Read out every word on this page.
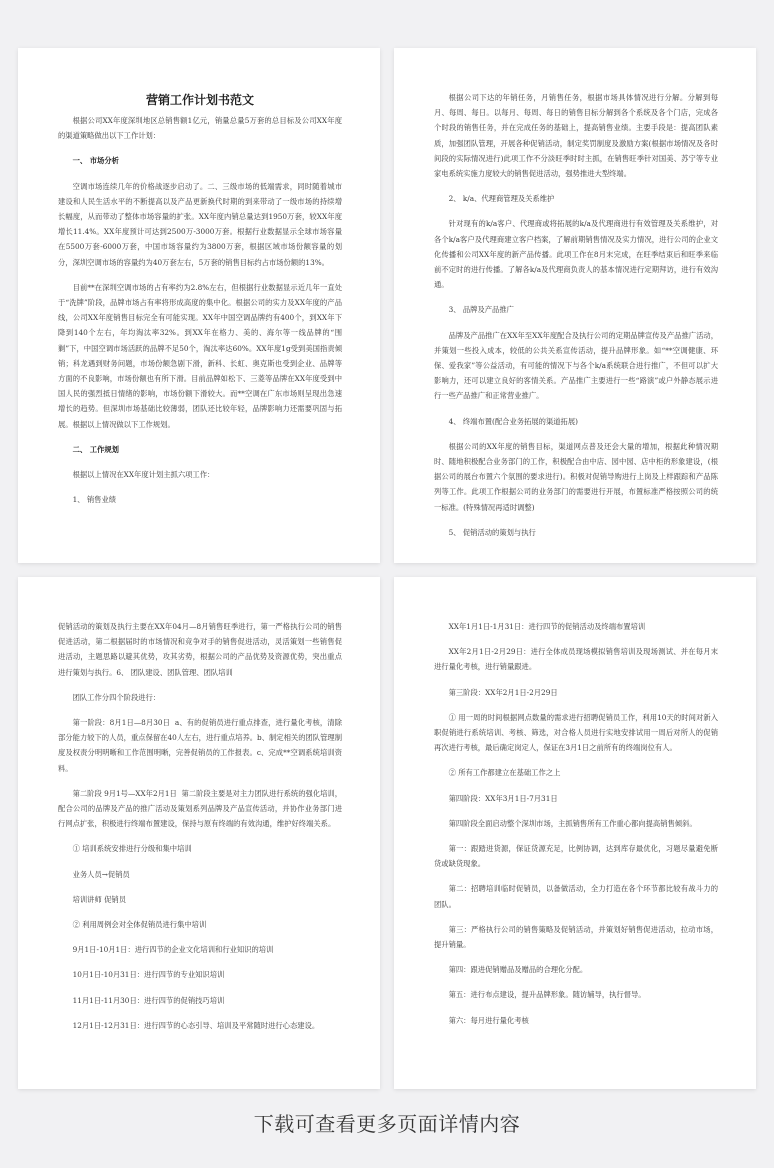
营销工作计划书范文

根据公司XX年度深圳地区总销售额1亿元，销量总量5万套的总目标及公司XX年度的渠道策略做出以下工作计划：

一、 市场分析

空调市场连续几年的价格战逐步启动了。二、三级市场的低端需求，同时随着城市建设和人民生活水平的不断提高以及产品更新换代时期的到来带动了一级市场的持续增长幅度，从而带动了整体市场容量的扩张。XX年度内销总量达到1950万套，较XX年度增长11.4%。XX年度预计可达到2500万-3000万套。根据行业数据显示全球市场容量在5500万套-6000万套，中国市场容量约为3800万套，根据区域市场份额容量的划分，深圳空调市场的容量约为40万套左右，5万套的销售目标约占市场份额的13%。

目前**在深圳空调市场的占有率约为2.8%左右，但根据行业数据显示近几年一直处于“洗牌”阶段，品牌市场占有率将形成高度的集中化。根据公司的实力及XX年度的产品线，公司XX年度销售目标完全有可能实现。XX年中国空调品牌约有400个，到XX年下降到140个左右，年均淘汰率32%。到XX年在格力、美的、海尔等一线品牌的“围剿”下，中国空调市场活跃的品牌不足50个，淘汰率达60%。XX年度1g受到美国指责倾销；科龙遇到财务问题，市场份额急剧下滑，新科、长虹、奥克斯也受到企业、品牌等方面的不良影响，市场份额也有所下滑。目前品牌如松下、三菱等品牌在XX年度受到中国人民的强烈抵日情绪的影响，市场份额下滑较大。而**空调在广东市场则呈现出急速增长的趋势。但深圳市场基础比较薄弱，团队还比较年轻，品牌影响力还需要巩固与拓展。根据以上情况做以下工作规划。

二、 工作规划

根据以上情况在XX年度计划主抓六项工作：

1、 销售业绩

根据公司下达的年销任务，月销售任务，根据市场具体情况进行分解。分解到每月、每周、每日。以每月、每周、每日的销售目标分解到各个系统及各个门店，完成各个时段的销售任务，并在完成任务的基础上，提高销售业绩。主要手段是：提高团队素质，加强团队管理，开展各种促销活动，制定奖罚制度及激励方案(根据市场情况及各时间段的实际情况进行)此项工作不分淡旺季时时主抓，在销售旺季针对国美、苏宁等专业家电系统实施力度较大的销售促进活动，强势推进大型终端。

2、 k/a、代理商管理及关系维护

针对现有的k/a客户、代理商或将拓展的k/a及代理商进行有效管理及关系维护，对各个k/a客户及代理商建立客户档案，了解前期销售情况及实力情况，进行公司的企业文化传播和公司XX年度的新产品传播。此项工作在8月末完成，在旺季结束后和旺季来临前不定时的进行传播。了解各k/a及代理商负责人的基本情况进行定期拜访，进行有效沟通。

3、 品牌及产品推广

品牌及产品推广在XX年至XX年度配合及执行公司的定期品牌宣传及产品推广活动，并策划一些投入成本，较低的公共关系宣传活动，提升品牌形象。如“**空调健康、环保、爱我家”等公益活动，有可能的情况下与各个k/a系统联合进行推广，不但可以扩大影响力，还可以建立良好的客情关系。产品推广主要进行一些“路演”或户外静态展示进行一些产品推广和正常营业推广。

4、 终端布置(配合业务拓展的渠道拓展)

根据公司的XX年度的销售目标，渠道网点普及还会大量的增加，根据此种情况期时、随地积极配合业务部门的工作，积极配合由中店、园中园、店中柜的形象建设，(根据公司的展台布置六个氛围的要求进行)。积极对促销导购进行上岗及上样跟踪和产品陈列等工作。此项工作根据公司的业务部门的需要进行开展，布置标准严格按照公司的统一标准。(特殊情况再适时调整)

5、 促销活动的策划与执行

促销活动的策划及执行主要在XX年04月—8月销售旺季进行，第一严格执行公司的销售促进活动，第二根据届时的市场情况和竞争对手的销售促进活动，灵活策划一些销售促进活动，主题思路以避其优势，攻其劣势，根据公司的产品优势及资源优势，突出重点进行策划与执行。6、 团队建设、团队管理、团队培训

团队工作分四个阶段进行：

第一阶段：8月1日—8月30日  a、有的促销员进行重点排查，进行量化考核，清除部分能力较下的人员，重点保留在40人左右，进行重点培养。b、制定相关的团队管理制度及权责分明明晰和工作范围明晰，完善促销员的工作报表。c、完成**空调系统培训资料。

第二阶段 9月1号—XX年2月1日  第二阶段主要是对主力团队进行系统的强化培训，配合公司的品牌及产品的推广活动及策划系列品牌及产品宣传活动，并协作业务部门进行网点扩张，积极进行终端布置建设，保持与原有终端的有效沟通，维护好终端关系。

① 培训系统安排进行分级和集中培训

业务人员→促销员

培训讲师 促销员

② 利用周例会对全体促销员进行集中培训

9月1日-10月1日：进行四节的企业文化培训和行业知识的培训

10月1日-10月31日：进行四节的专业知识培训

11月1日-11月30日：进行四节的促销技巧培训

12月1日-12月31日：进行四节的心态引导、培训及平常随时进行心态建设。

XX年1月1日-1月31日：进行四节的促销活动及终端布置培训

XX年2月1日-2月29日：进行全体成员现场模拟销售培训及现场测试、并在每月末进行量化考核，进行销量跟进。

第三阶段：XX年2月1日-2月29日

① 用一周的时间根据网点数量的需求进行招聘促销员工作，利用10天的时间对新入职促销进行系统培训、考核、筛选，对合格人员进行实地安排试用一周后对所人的促销再次进行考核，最后确定岗定人，保证在3月1日之前所有的终端岗位有人。

② 所有工作都建立在基础工作之上

第四阶段：XX年3月1日-7月31日

第四阶段全面启动整个深圳市场，主抓销售所有工作重心都向提高销售倾斜。

第一：跟踏进货源，保证货源充足，比例协调，达到库存最优化，习题尽量避免断货或缺货现象。

第二：招聘培训临时促销员，以备做活动，全力打造在各个环节都比较有战斗力的团队。

第三：严格执行公司的销售策略及促销活动，并策划好销售促进活动，拉动市场，提升销量。

第四：跟进促销赠品及赠品的合理化分配。

第五：进行布点建设，提升品牌形象。随访辅导，执行督导。

第六：每月进行量化考核

下载可查看更多页面详情内容
